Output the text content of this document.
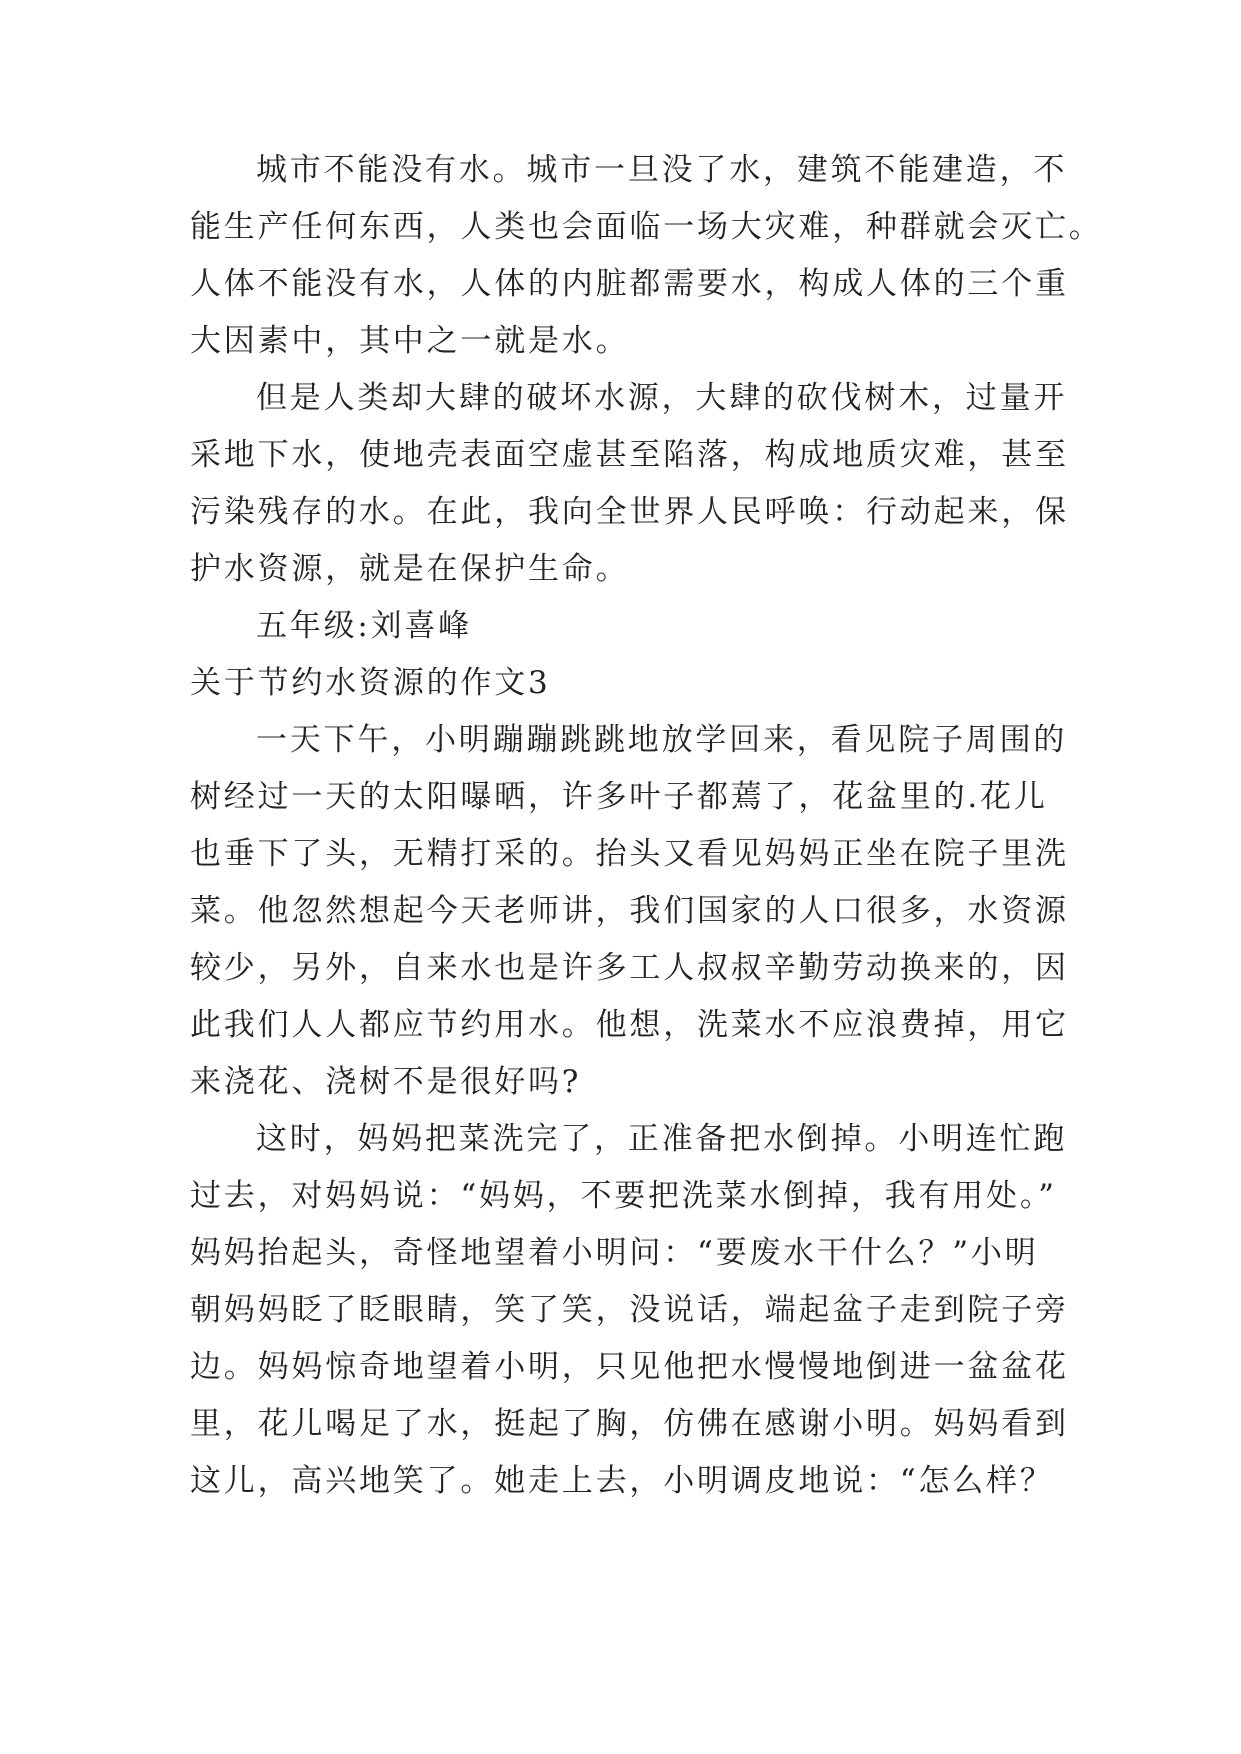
城市不能没有水。城市一旦没了水，建筑不能建造，不
能生产任何东西，人类也会面临一场大灾难，种群就会灭亡。
人体不能没有水，人体的内脏都需要水，构成人体的三个重
大因素中，其中之一就是水。
但是人类却大肆的破坏水源，大肆的砍伐树木，过量开
采地下水，使地壳表面空虚甚至陷落，构成地质灾难，甚至
污染残存的水。在此，我向全世界人民呼唤：行动起来，保
护水资源，就是在保护生命。
五年级:刘喜峰
关于节约水资源的作文3
一天下午，小明蹦蹦跳跳地放学回来，看见院子周围的
树经过一天的太阳曝晒，许多叶子都蔫了，花盆里的.花儿
也垂下了头，无精打采的。抬头又看见妈妈正坐在院子里洗
菜。他忽然想起今天老师讲，我们国家的人口很多，水资源
较少，另外，自来水也是许多工人叔叔辛勤劳动换来的，因
此我们人人都应节约用水。他想，洗菜水不应浪费掉，用它
来浇花、浇树不是很好吗?
这时，妈妈把菜洗完了，正准备把水倒掉。小明连忙跑
过去，对妈妈说：“妈妈，不要把洗菜水倒掉，我有用处。”
妈妈抬起头，奇怪地望着小明问：“要废水干什么？”小明
朝妈妈眨了眨眼睛，笑了笑，没说话，端起盆子走到院子旁
边。妈妈惊奇地望着小明，只见他把水慢慢地倒进一盆盆花
里，花儿喝足了水，挺起了胸，仿佛在感谢小明。妈妈看到
这儿，高兴地笑了。她走上去，小明调皮地说：“怎么样？
